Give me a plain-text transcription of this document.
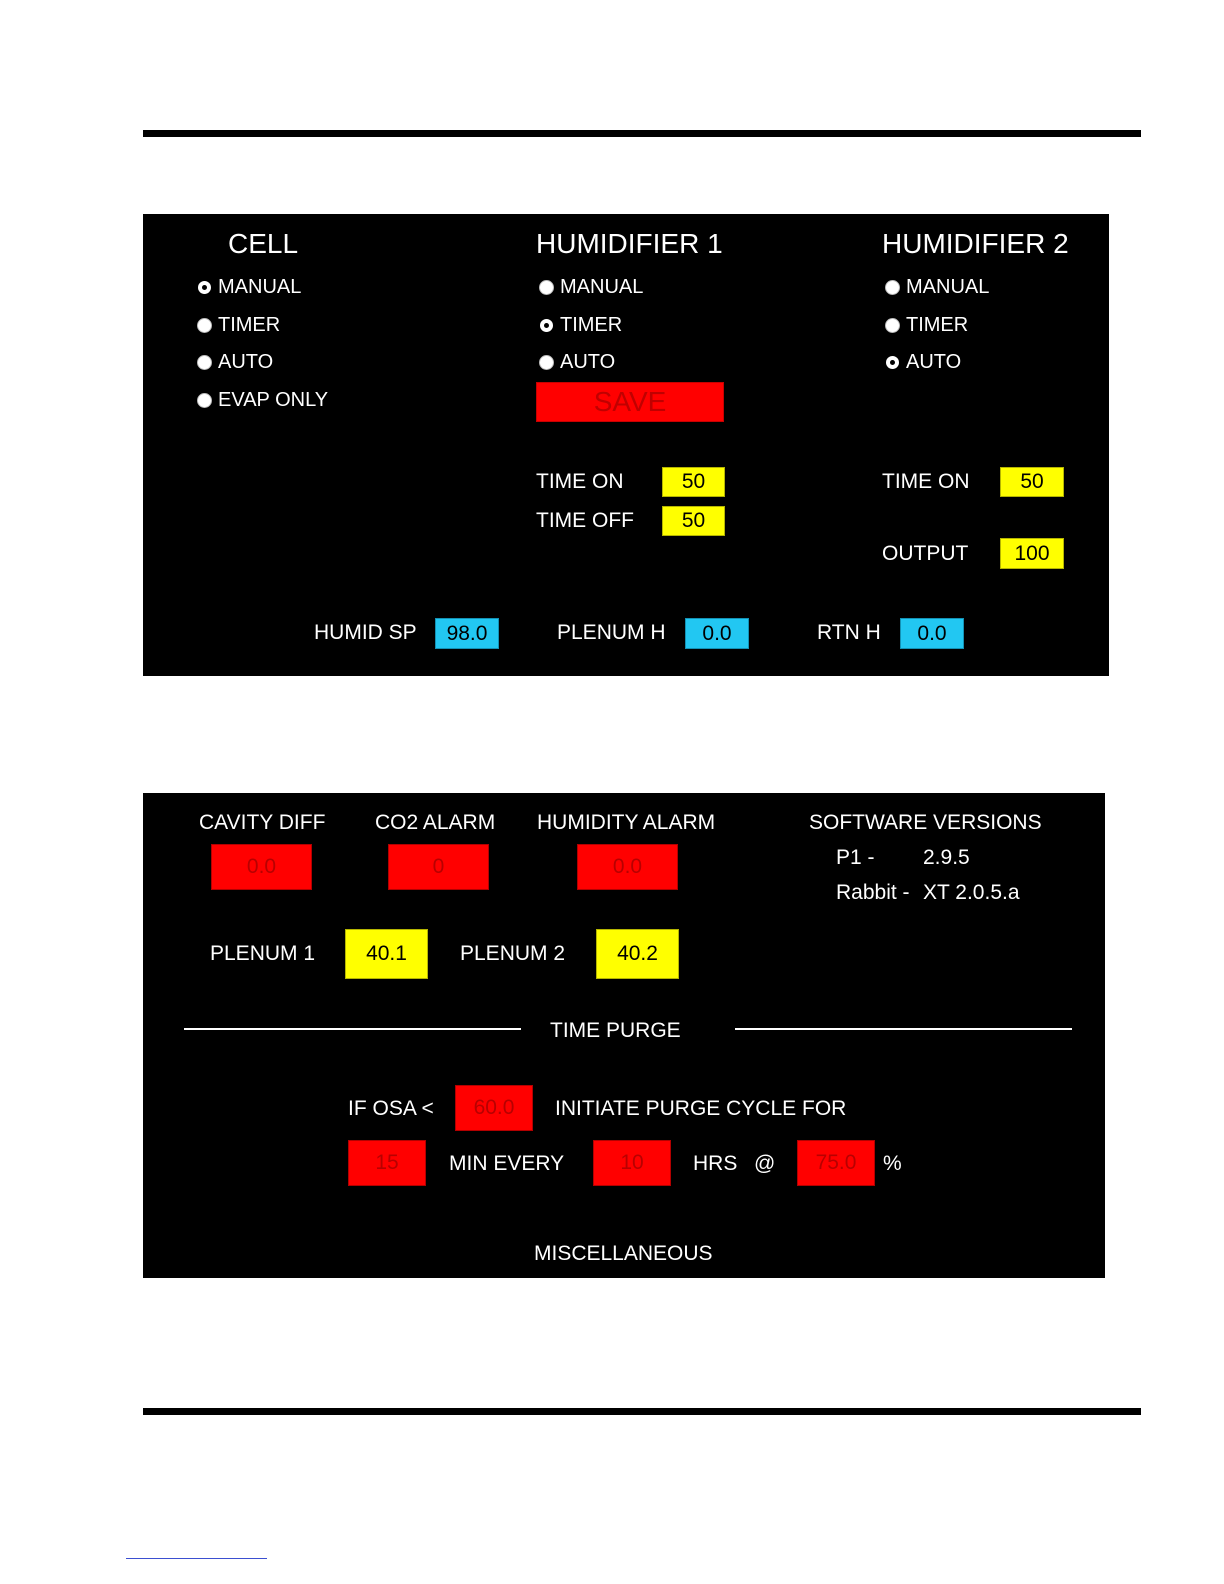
CELL
MANUAL
TIMER
AUTO
EVAP ONLY
HUMIDIFIER 1
MANUAL
TIMER
AUTO
SAVE
TIME ON	50
TIME OFF	50
HUMIDIFIER 2
MANUAL
TIMER
AUTO
TIME ON	50
OUTPUT	100
HUMID SP	98.0	PLENUM H	0.0	RTN H	0.0
CAVITY DIFF
0.0
CO2 ALARM
0
HUMIDITY ALARM
0.0
SOFTWARE VERSIONS
P1 - 2.9.5
Rabbit - XT 2.0.5.a
PLENUM 1	40.1	PLENUM 2	40.2
TIME PURGE
IF OSA <	60.0	INITIATE PURGE CYCLE FOR
15	MIN EVERY	10	HRS @	75.0	%
MISCELLANEOUS
